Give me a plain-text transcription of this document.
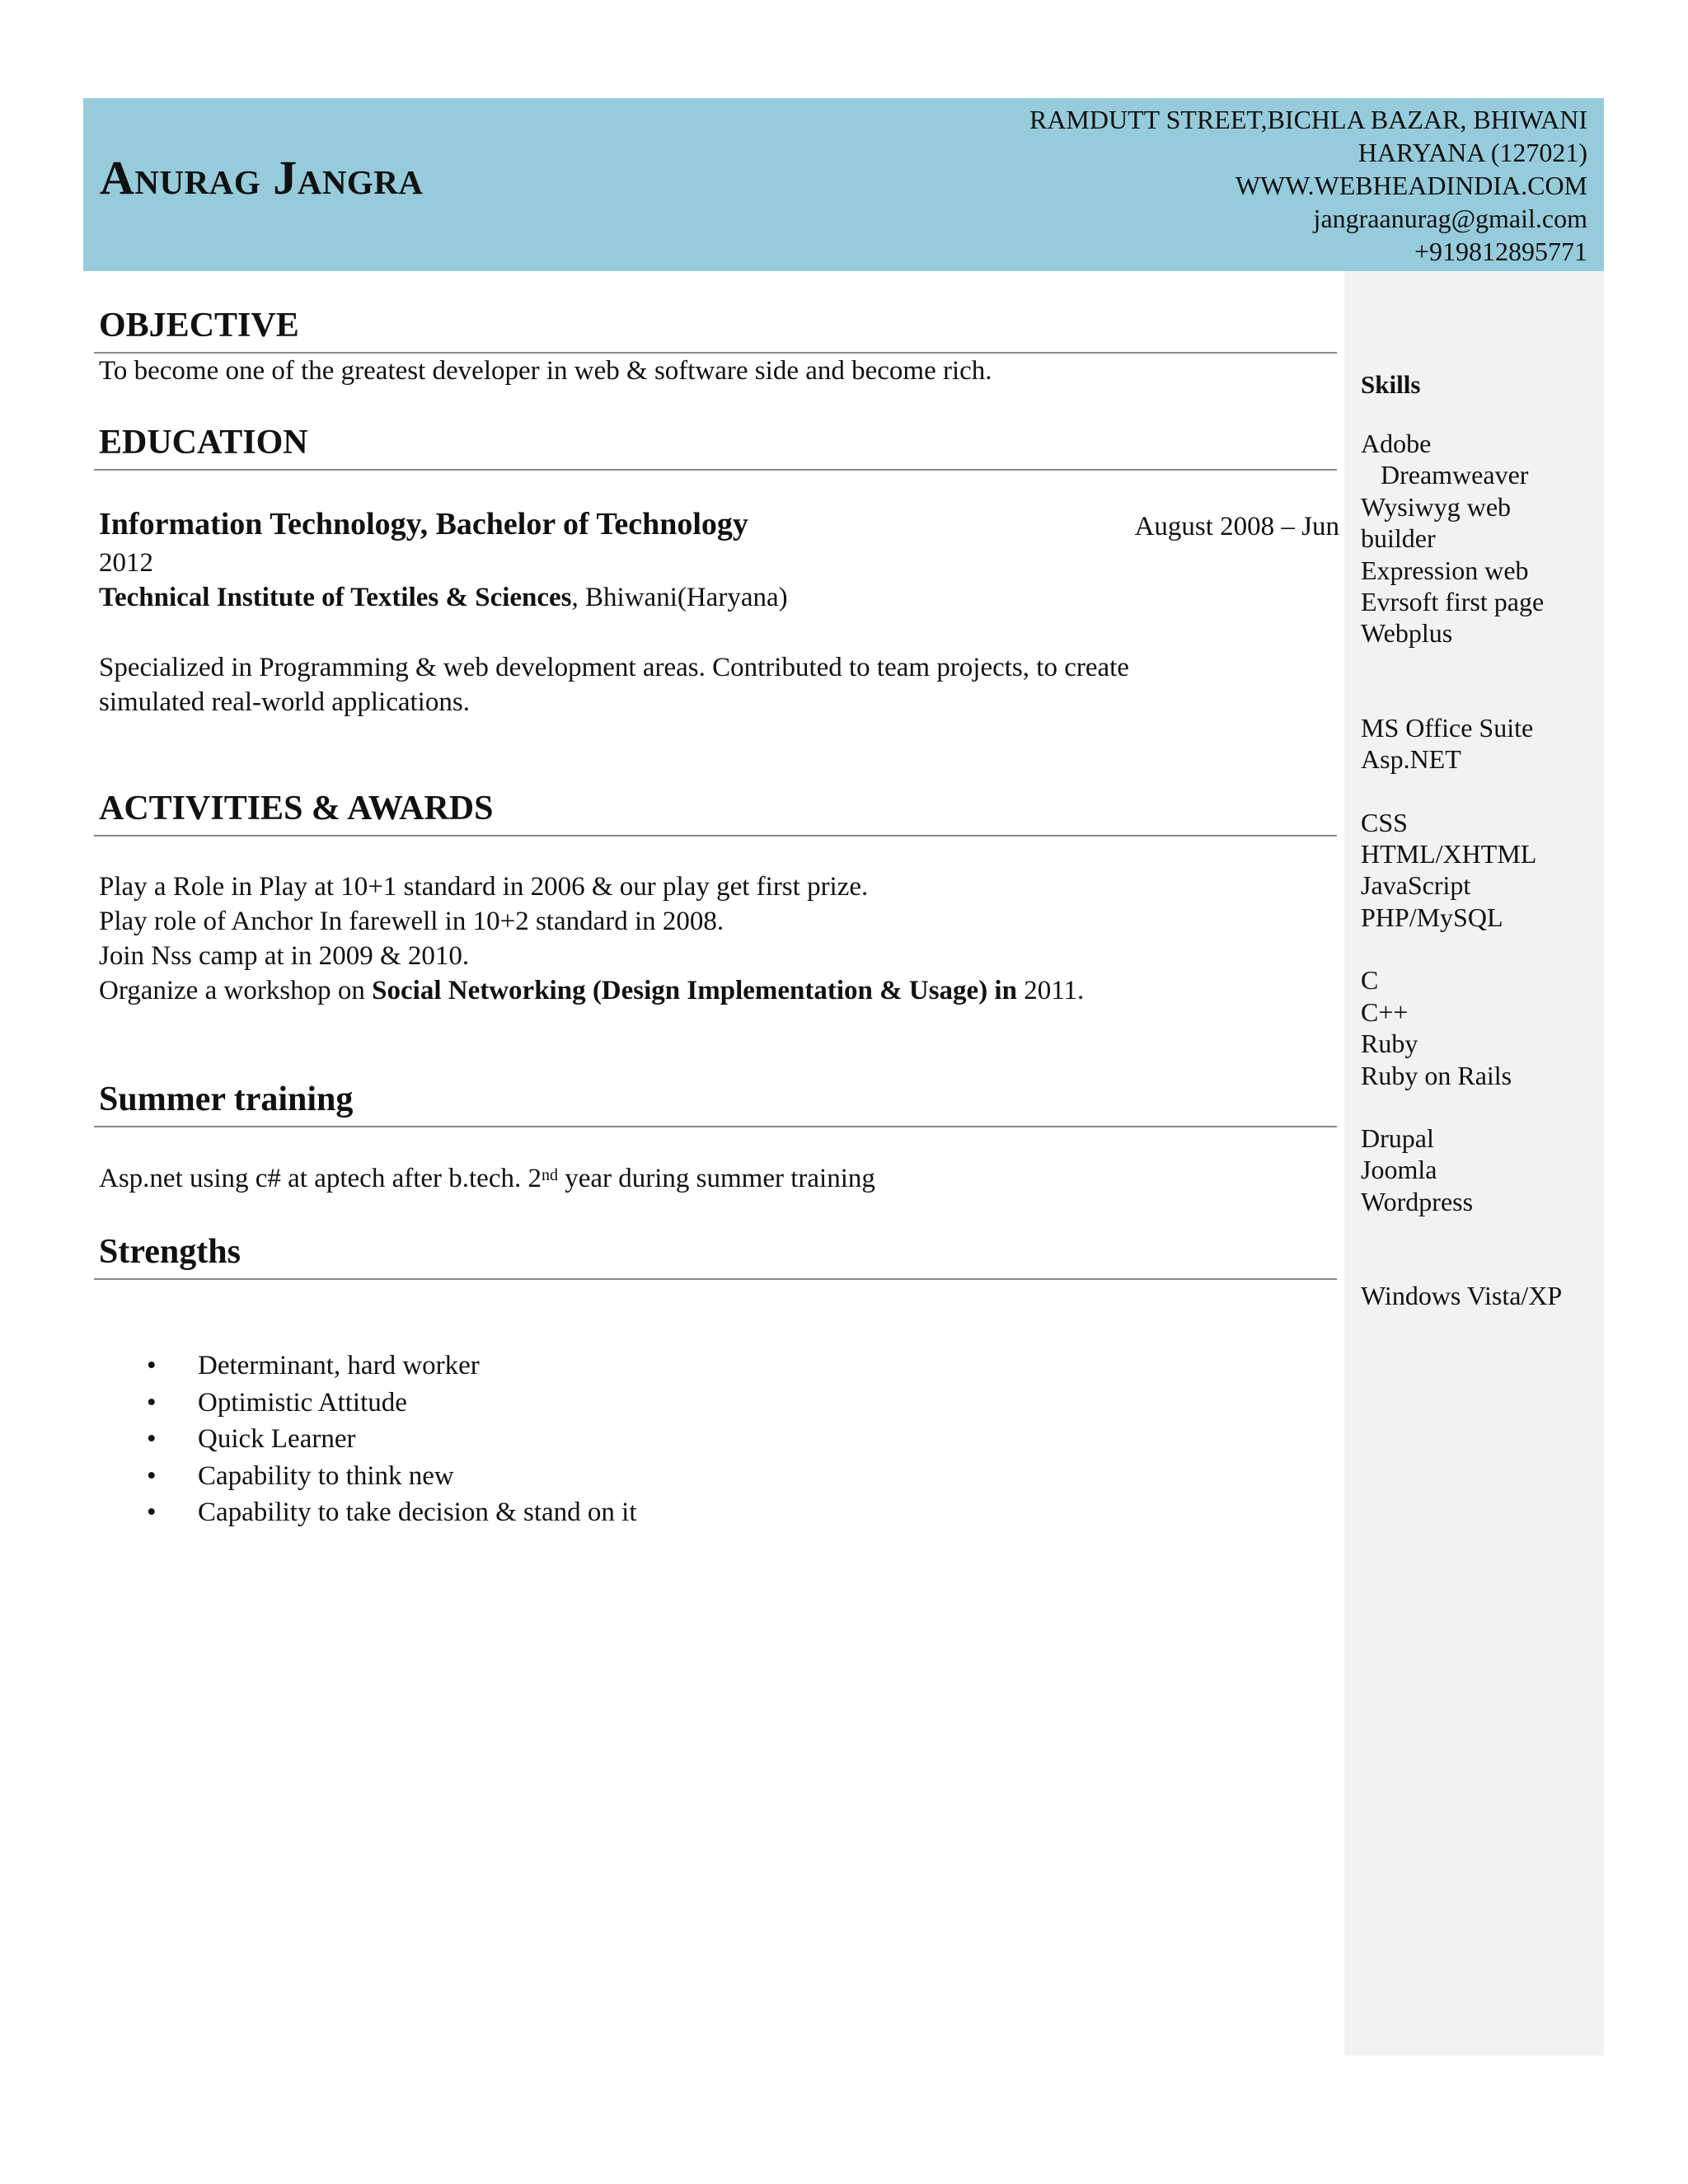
Anurag Jangra
RAMDUTT STREET,BICHLA BAZAR, BHIWANI
HARYANA (127021)
WWW.WEBHEADINDIA.COM
jangraanurag@gmail.com
+919812895771
Skills
Adobe
Dreamweaver
Wysiwyg web
builder
Expression web
Evrsoft first page
Webplus
MS Office Suite
Asp.NET
CSS
HTML/XHTML
JavaScript
PHP/MySQL
C
C++
Ruby
Ruby on Rails
Drupal
Joomla
Wordpress
Windows Vista/XP
OBJECTIVE
To become one of the greatest developer in web & software side and become rich.
EDUCATION
Information Technology, Bachelor of Technology	August 2008 – Jun
2012
Technical Institute of Textiles & Sciences, Bhiwani(Haryana)
Specialized in Programming & web development areas. Contributed to team projects, to create
simulated real-world applications.
ACTIVITIES & AWARDS
Play a Role in Play at 10+1 standard in 2006 & our play get first prize.
Play role of Anchor In farewell in 10+2 standard in 2008.
Join Nss camp at in 2009 & 2010.
Organize a workshop on Social Networking (Design Implementation & Usage) in 2011.
Summer training
Asp.net using c# at aptech after b.tech. 2nd year during summer training
Strengths
• Determinant, hard worker
• Optimistic Attitude
• Quick Learner
• Capability to think new
• Capability to take decision & stand on it
